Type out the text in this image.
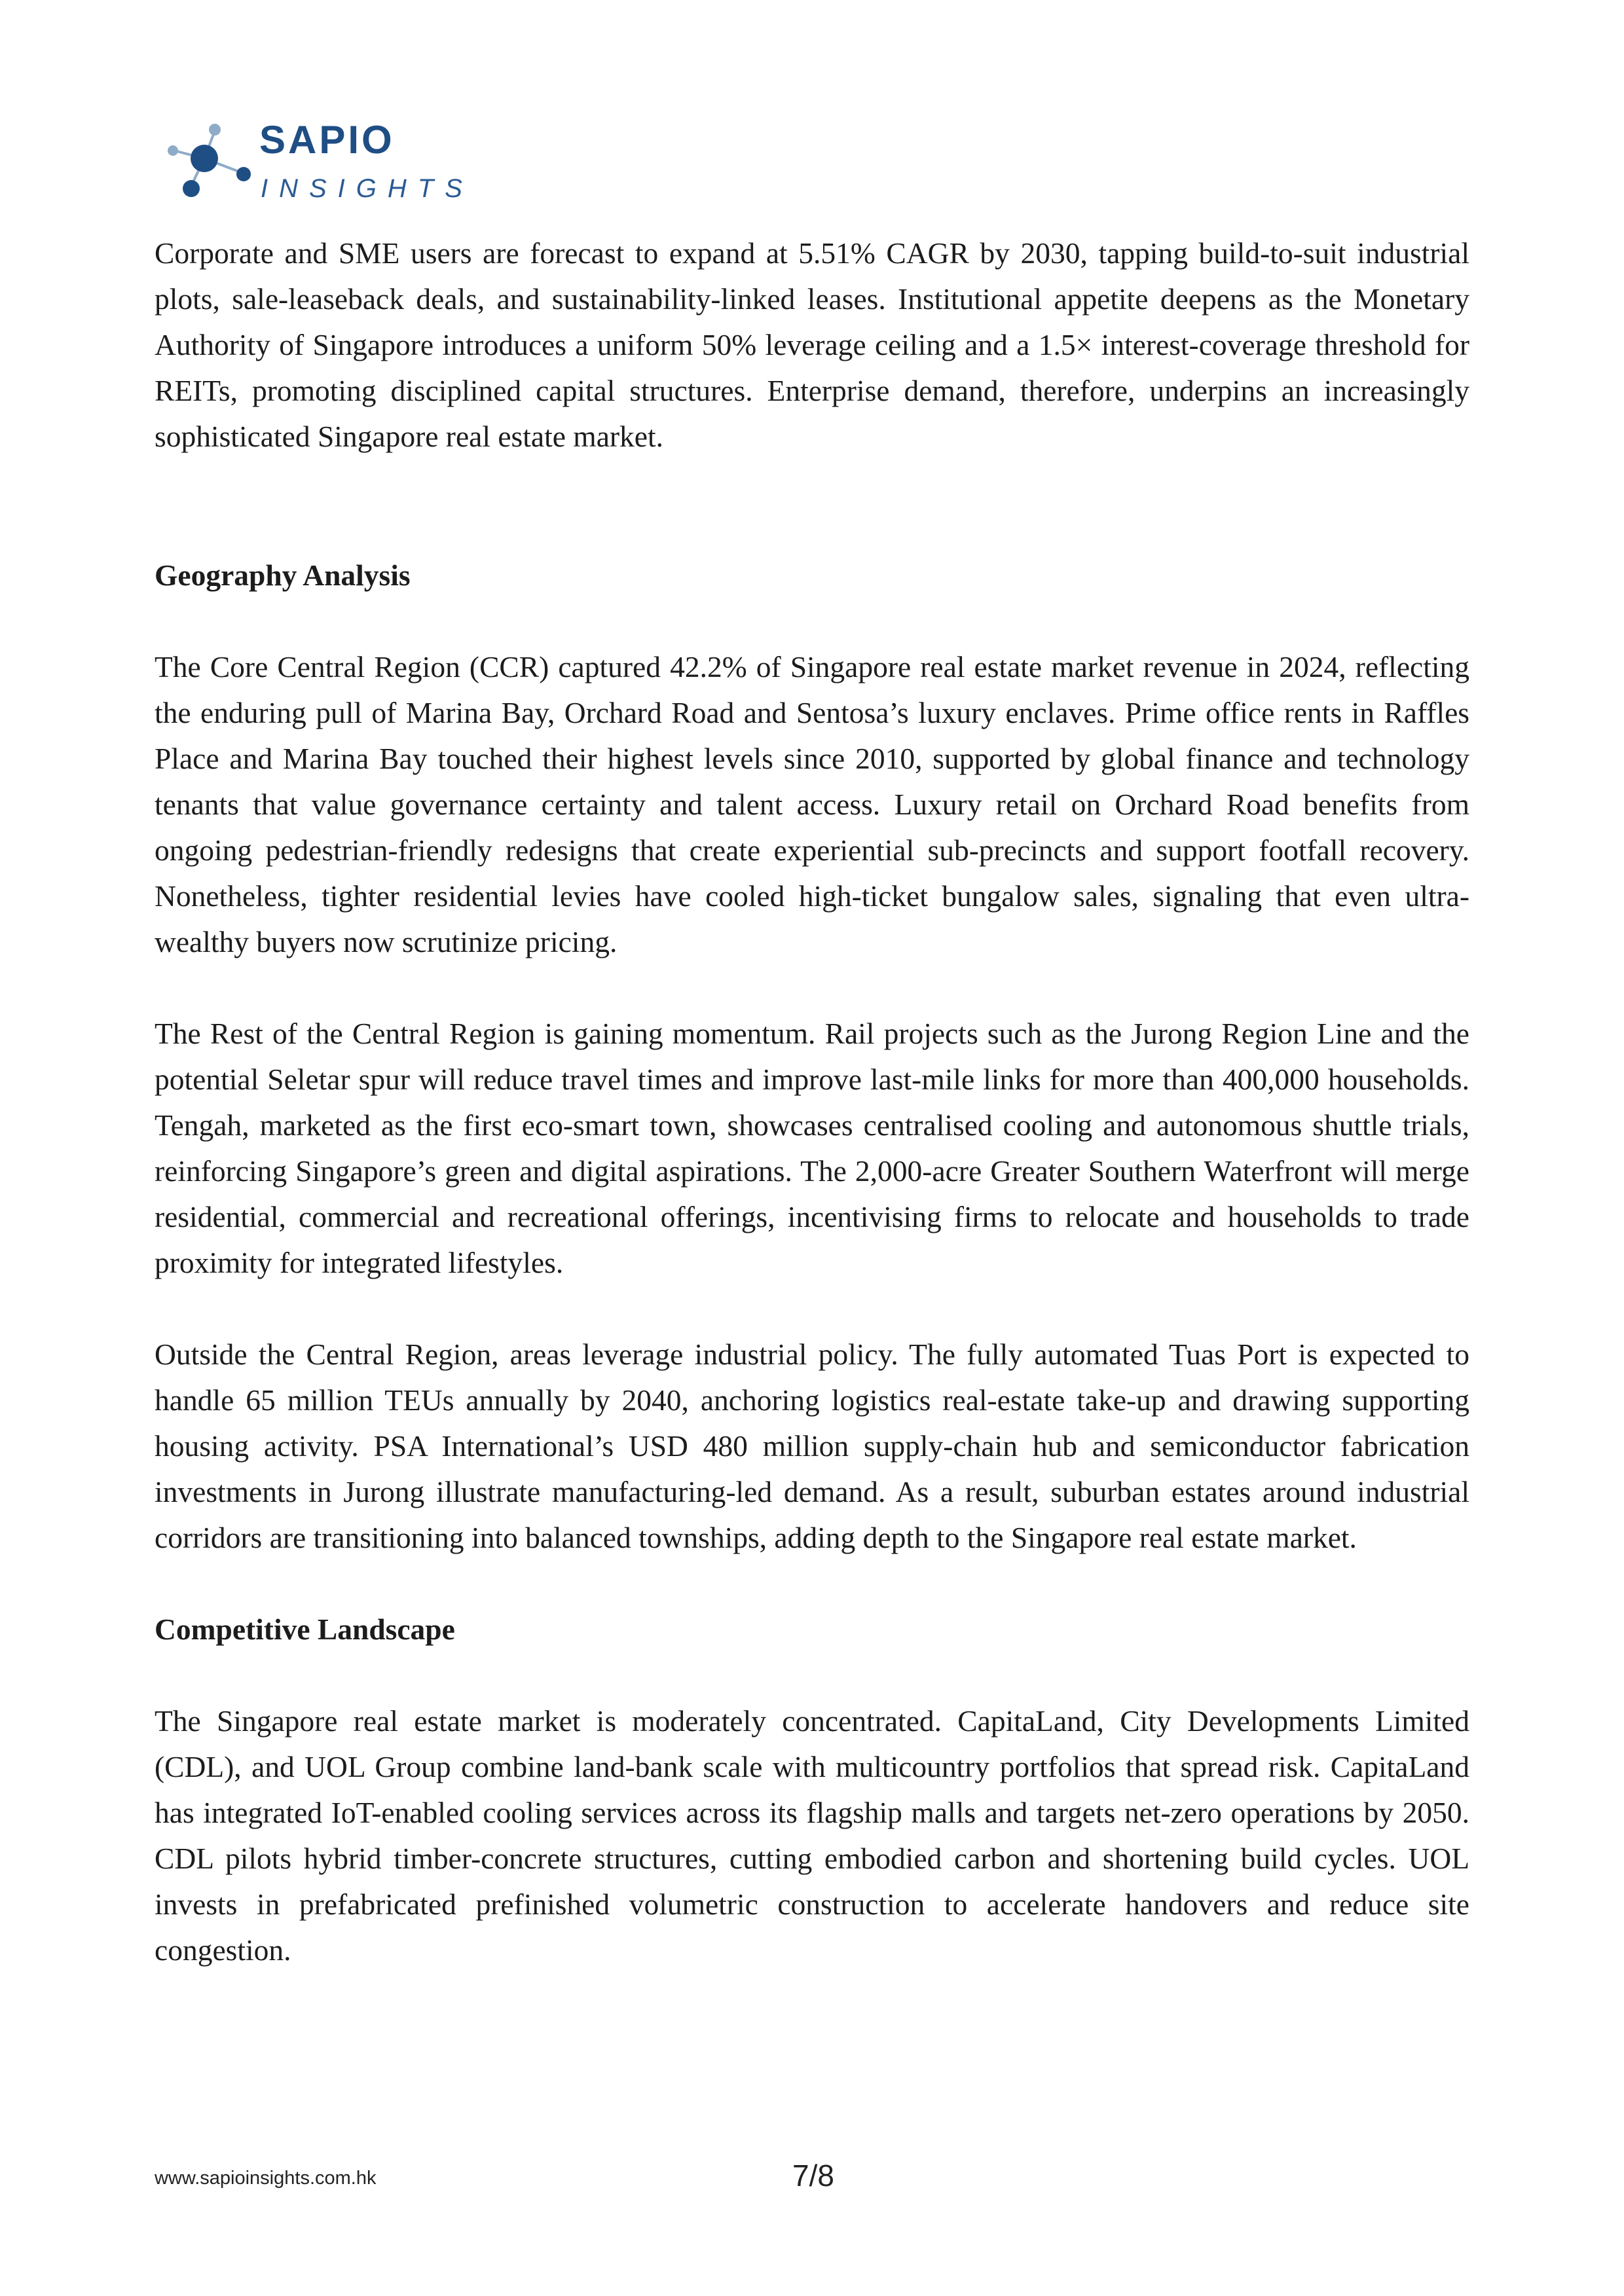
SAPIO
INSIGHTS

Corporate and SME users are forecast to expand at 5.51% CAGR by 2030, tapping build-to-suit industrial plots, sale-leaseback deals, and sustainability-linked leases. Institutional appetite deepens as the Monetary Authority of Singapore introduces a uniform 50% leverage ceiling and a 1.5× interest-coverage threshold for REITs, promoting disciplined capital structures. Enterprise demand, therefore, underpins an increasingly sophisticated Singapore real estate market.

Geography Analysis

The Core Central Region (CCR) captured 42.2% of Singapore real estate market revenue in 2024, reflecting the enduring pull of Marina Bay, Orchard Road and Sentosa’s luxury enclaves. Prime office rents in Raffles Place and Marina Bay touched their highest levels since 2010, supported by global finance and technology tenants that value governance certainty and talent access. Luxury retail on Orchard Road benefits from ongoing pedestrian-friendly redesigns that create experiential sub-precincts and support footfall recovery. Nonetheless, tighter residential levies have cooled high-ticket bungalow sales, signaling that even ultra-wealthy buyers now scrutinize pricing.

The Rest of the Central Region is gaining momentum. Rail projects such as the Jurong Region Line and the potential Seletar spur will reduce travel times and improve last-mile links for more than 400,000 households. Tengah, marketed as the first eco-smart town, showcases centralised cooling and autonomous shuttle trials, reinforcing Singapore’s green and digital aspirations. The 2,000-acre Greater Southern Waterfront will merge residential, commercial and recreational offerings, incentivising firms to relocate and households to trade proximity for integrated lifestyles.

Outside the Central Region, areas leverage industrial policy. The fully automated Tuas Port is expected to handle 65 million TEUs annually by 2040, anchoring logistics real-estate take-up and drawing supporting housing activity. PSA International’s USD 480 million supply-chain hub and semiconductor fabrication investments in Jurong illustrate manufacturing-led demand. As a result, suburban estates around industrial corridors are transitioning into balanced townships, adding depth to the Singapore real estate market.

Competitive Landscape

The Singapore real estate market is moderately concentrated. CapitaLand, City Developments Limited (CDL), and UOL Group combine land-bank scale with multicountry portfolios that spread risk. CapitaLand has integrated IoT-enabled cooling services across its flagship malls and targets net-zero operations by 2050. CDL pilots hybrid timber-concrete structures, cutting embodied carbon and shortening build cycles. UOL invests in prefabricated prefinished volumetric construction to accelerate handovers and reduce site congestion.

www.sapioinsights.com.hk	7/8
